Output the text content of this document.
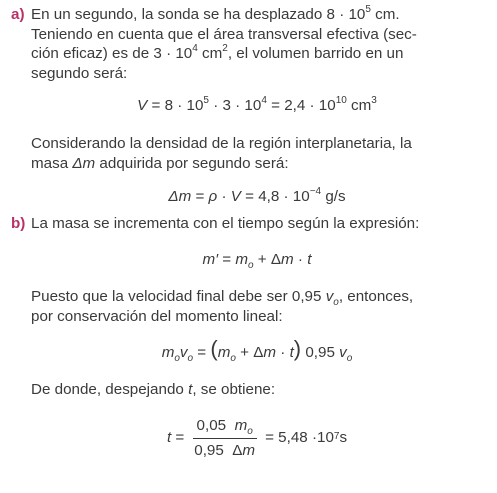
a) En un segundo, la sonda se ha desplazado $8 \cdot 10^5$ cm.
Teniendo en cuenta que el área transversal efectiva (sec-
ción eficaz) es de $3 \cdot 10^4$ $cm^2$, el volumen barrido en un
segundo será:
$V = 8 \cdot 10^5 \cdot 3 \cdot 10^4 = 2,4 \cdot 10^{10}$ $cm^3$
Considerando la densidad de la región interplanetaria, la
masa Δm adquirida por segundo será:
$\Delta m = \rho \cdot V = 4,8 \cdot 10^{-4}$ g/s
b) La masa se incrementa con el tiempo según la expresión:
$m' = m_o + \Delta m \cdot t$
Puesto que la velocidad final debe ser 0,95 $v_o$, entonces,
por conservación del momento lineal:
$m_ov_o = (m_o + \Delta m \cdot t)$ 0,95 $v_o$
De donde, despejando t, se obtiene:
$t = \frac{0,05 m_o}{0,95 \Delta m} = 5,48 \cdot 10^7$ s
